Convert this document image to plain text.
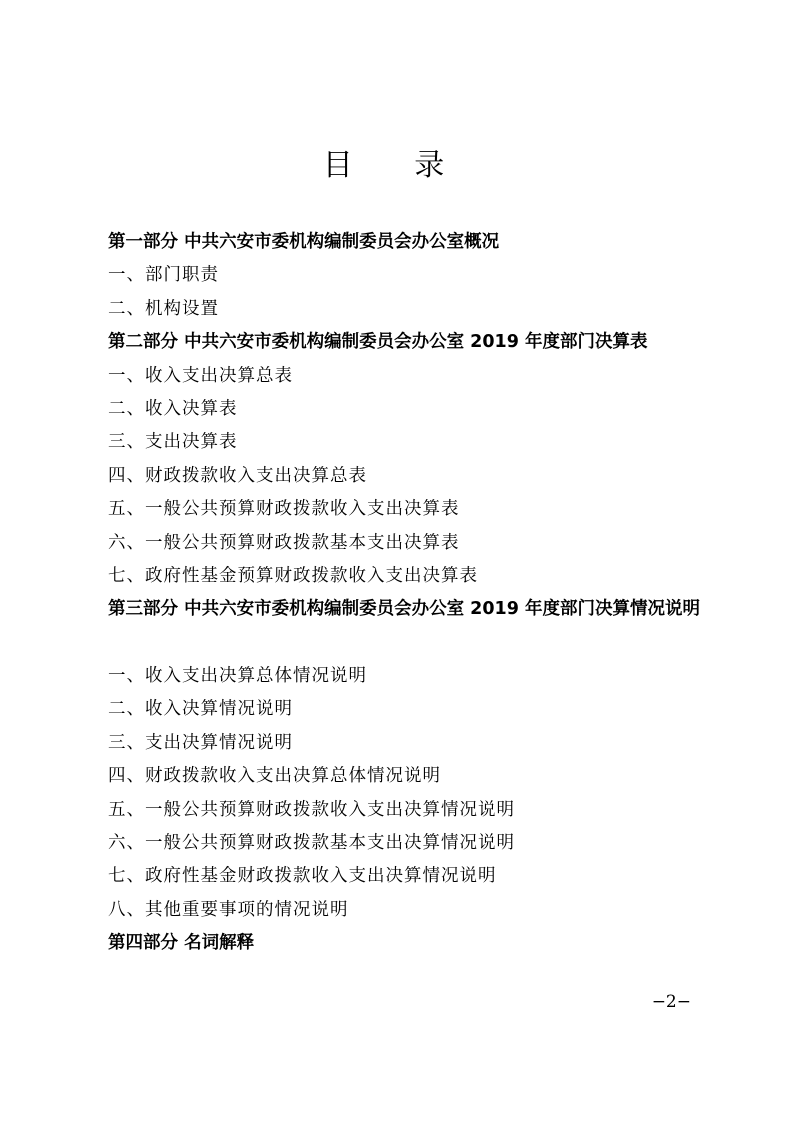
目 录
第一部分 中共六安市委机构编制委员会办公室概况
一、部门职责
二、机构设置
第二部分 中共六安市委机构编制委员会办公室 2019 年度部门决算表
一、收入支出决算总表
二、收入决算表
三、支出决算表
四、财政拨款收入支出决算总表
五、一般公共预算财政拨款收入支出决算表
六、一般公共预算财政拨款基本支出决算表
七、政府性基金预算财政拨款收入支出决算表
第三部分 中共六安市委机构编制委员会办公室 2019 年度部门决算情况说明
一、收入支出决算总体情况说明
二、收入决算情况说明
三、支出决算情况说明
四、财政拨款收入支出决算总体情况说明
五、一般公共预算财政拨款收入支出决算情况说明
六、一般公共预算财政拨款基本支出决算情况说明
七、政府性基金财政拨款收入支出决算情况说明
八、其他重要事项的情况说明
第四部分 名词解释
−2−
